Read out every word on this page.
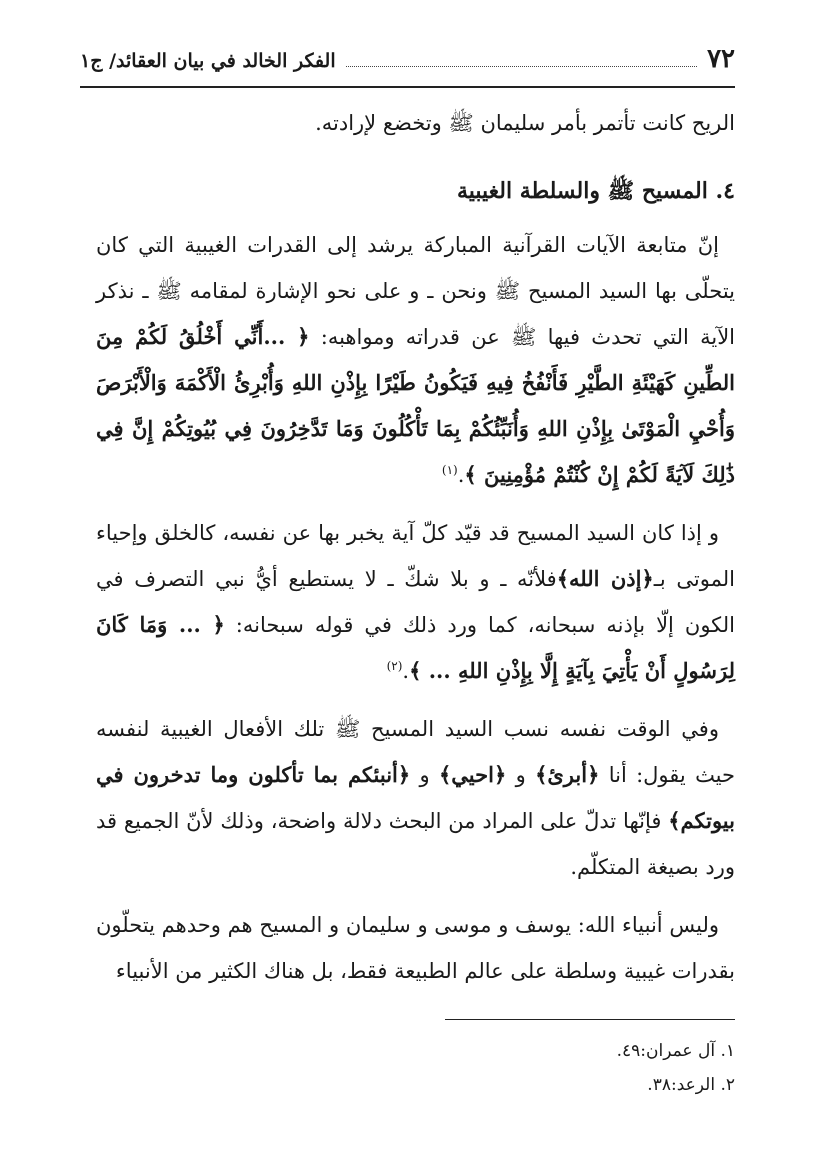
٧٢
الفكر الخالد في بيان العقائد/ ج١

الريح كانت تأتمر بأمر سليمان ﷺ وتخضع لإرادته.

٤. المسيح ﷺ والسلطة الغيبية

إنّ متابعة الآيات القرآنية المباركة يرشد إلى القدرات الغيبية التي كان يتحلّى بها السيد المسيح ﷺ ونحن ـ و على نحو الإشارة لمقامه ﷺ ـ نذكر الآية التي تحدث فيها ﷺ عن قدراته ومواهبه: ﴿ ...أَنِّي أَخْلُقُ لَكُمْ مِنَ الطِّينِ كَهَيْئَةِ الطَّيْرِ فَأَنْفُخُ فِيهِ فَيَكُونُ طَيْرًا بِإِذْنِ اللهِ وَأُبْرِئُ الْأَكْمَهَ وَالْأَبْرَصَ وَأُحْيِ الْمَوْتَىٰ بِإِذْنِ اللهِ وَأُنَبِّئُكُمْ بِمَا تَأْكُلُونَ وَمَا تَدَّخِرُونَ فِي بُيُوتِكُمْ إِنَّ فِي ذَٰلِكَ لَآيَةً لَكُمْ إِنْ كُنْتُمْ مُؤْمِنِينَ ﴾.$^{(١)}$

و إذا كان السيد المسيح قد قيّد كلّ آية يخبر بها عن نفسه، كالخلق وإحياء الموتى بـ﴿إذن الله﴾فلأنّه ـ و بلا شكّ ـ لا يستطيع أيُّ نبي التصرف في الكون إلّا بإذنه سبحانه، كما ورد ذلك في قوله سبحانه: ﴿ ... وَمَا كَانَ لِرَسُولٍ أَنْ يَأْتِيَ بِآيَةٍ إِلَّا بِإِذْنِ اللهِ ... ﴾.$^{(٢)}$

وفي الوقت نفسه نسب السيد المسيح ﷺ تلك الأفعال الغيبية لنفسه حيث يقول: أنا ﴿أبرئ﴾ و ﴿احيي﴾ و ﴿أنبئكم بما تأكلون وما تدخرون في بيوتكم﴾ فإنّها تدلّ على المراد من البحث دلالة واضحة، وذلك لأنّ الجميع قد ورد بصيغة المتكلّم.

وليس أنبياء الله: يوسف و موسى و سليمان و المسيح هم وحدهم يتحلّون بقدرات غيبية وسلطة على عالم الطبيعة فقط، بل هناك الكثير من الأنبياء

١. آل عمران:٤٩.
٢. الرعد:٣٨.
